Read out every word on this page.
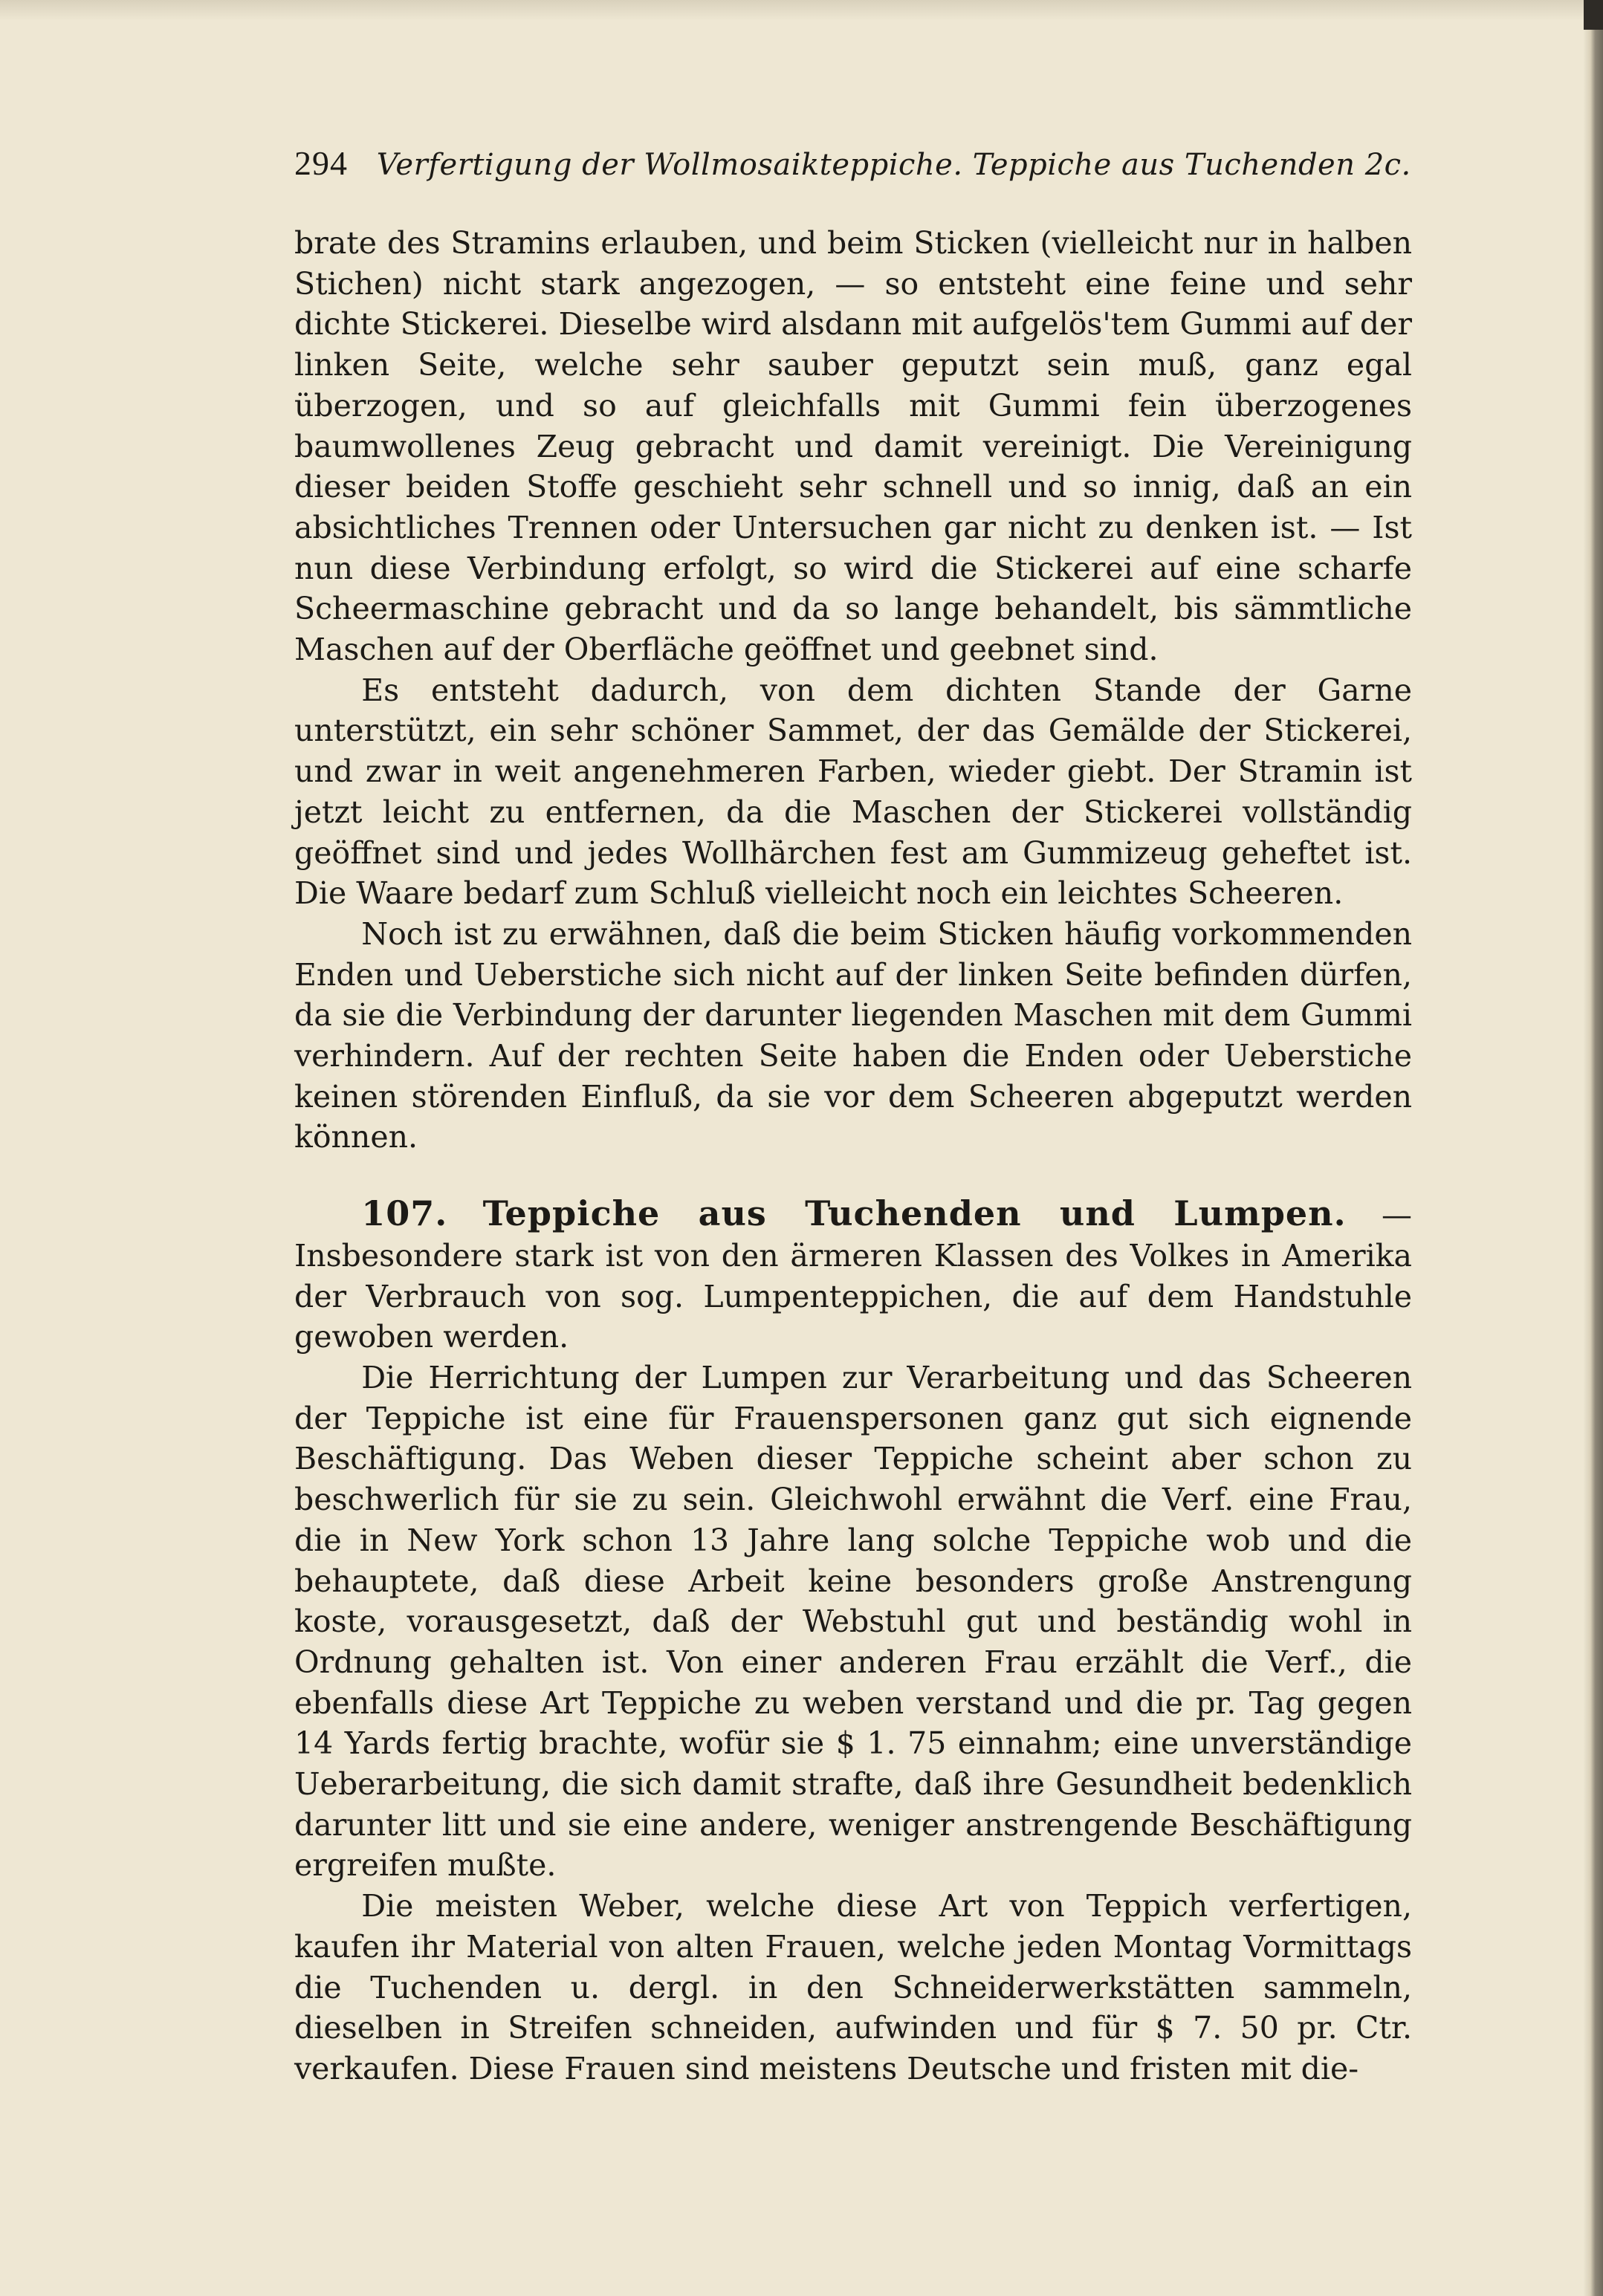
294 Verfertigung der Wollmosaikteppiche. Teppiche aus Tuchenden 2c.

brate des Stramins erlauben, und beim Sticken (vielleicht nur in halben Stichen) nicht stark angezogen, — so entsteht eine feine und sehr dichte Stickerei. Dieselbe wird alsdann mit aufgelös'tem Gummi auf der linken Seite, welche sehr sauber geputzt sein muß, ganz egal überzogen, und so auf gleichfalls mit Gummi fein überzogenes baumwollenes Zeug gebracht und damit vereinigt. Die Vereinigung dieser beiden Stoffe geschieht sehr schnell und so innig, daß an ein absichtliches Trennen oder Untersuchen gar nicht zu denken ist. — Ist nun diese Verbindung erfolgt, so wird die Stickerei auf eine scharfe Scheermaschine gebracht und da so lange behandelt, bis sämmtliche Maschen auf der Oberfläche geöffnet und geebnet sind.

Es entsteht dadurch, von dem dichten Stande der Garne unterstützt, ein sehr schöner Sammet, der das Gemälde der Stickerei, und zwar in weit angenehmeren Farben, wieder giebt. Der Stramin ist jetzt leicht zu entfernen, da die Maschen der Stickerei vollständig geöffnet sind und jedes Wollhärchen fest am Gummizeug geheftet ist. Die Waare bedarf zum Schluß vielleicht noch ein leichtes Scheeren.

Noch ist zu erwähnen, daß die beim Sticken häufig vorkommenden Enden und Ueberstiche sich nicht auf der linken Seite befinden dürfen, da sie die Verbindung der darunter liegenden Maschen mit dem Gummi verhindern. Auf der rechten Seite haben die Enden oder Ueberstiche keinen störenden Einfluß, da sie vor dem Scheeren abgeputzt werden können.

107. Teppiche aus Tuchenden und Lumpen. — Insbesondere stark ist von den ärmeren Klassen des Volkes in Amerika der Verbrauch von sog. Lumpenteppichen, die auf dem Handstuhle gewoben werden.

Die Herrichtung der Lumpen zur Verarbeitung und das Scheeren der Teppiche ist eine für Frauenspersonen ganz gut sich eignende Beschäftigung. Das Weben dieser Teppiche scheint aber schon zu beschwerlich für sie zu sein. Gleichwohl erwähnt die Verf. eine Frau, die in New York schon 13 Jahre lang solche Teppiche wob und die behauptete, daß diese Arbeit keine besonders große Anstrengung koste, vorausgesetzt, daß der Webstuhl gut und beständig wohl in Ordnung gehalten ist. Von einer anderen Frau erzählt die Verf., die ebenfalls diese Art Teppiche zu weben verstand und die pr. Tag gegen 14 Yards fertig brachte, wofür sie $ 1. 75 einnahm; eine unverständige Ueberarbeitung, die sich damit strafte, daß ihre Gesundheit bedenklich darunter litt und sie eine andere, weniger anstrengende Beschäftigung ergreifen mußte.

Die meisten Weber, welche diese Art von Teppich verfertigen, kaufen ihr Material von alten Frauen, welche jeden Montag Vormittags die Tuchenden u. dergl. in den Schneiderwerkstätten sammeln, dieselben in Streifen schneiden, aufwinden und für $ 7. 50 pr. Ctr. verkaufen. Diese Frauen sind meistens Deutsche und fristen mit die-
